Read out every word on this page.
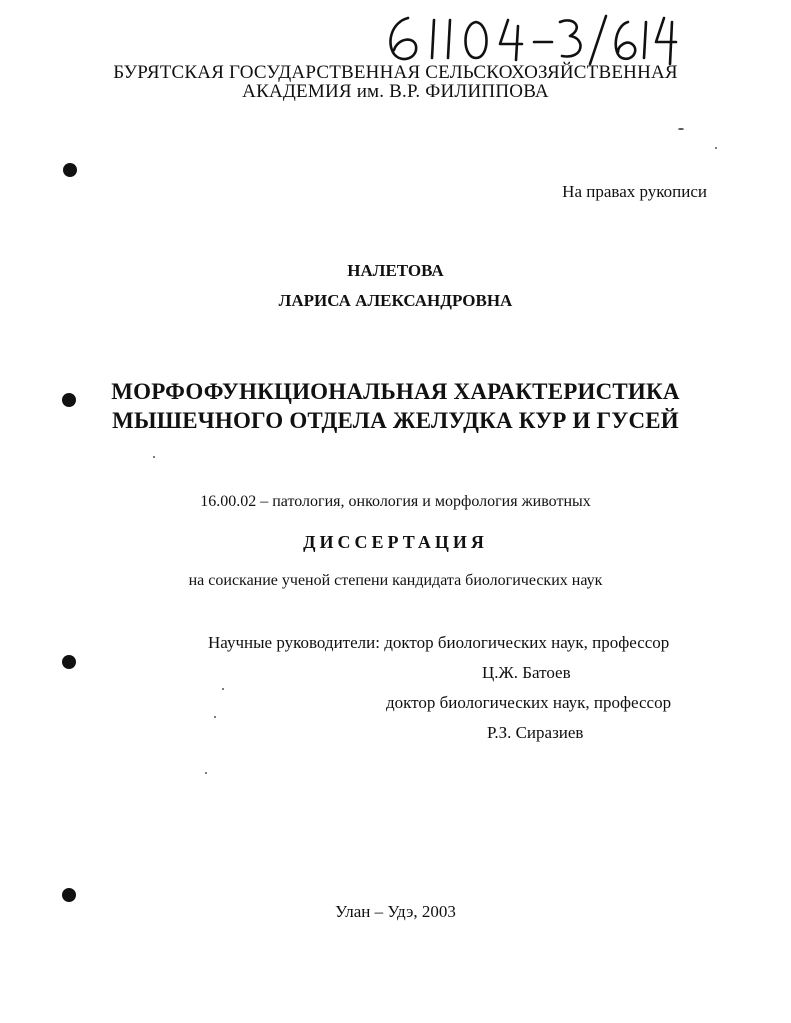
БУРЯТСКАЯ ГОСУДАРСТВЕННАЯ СЕЛЬСКОХОЗЯЙСТВЕННАЯ
АКАДЕМИЯ им. В.Р. ФИЛИППОВА
На правах рукописи
НАЛЕТОВА
ЛАРИСА АЛЕКСАНДРОВНА
МОРФОФУНКЦИОНАЛЬНАЯ ХАРАКТЕРИСТИКА
МЫШЕЧНОГО ОТДЕЛА ЖЕЛУДКА КУР И ГУСЕЙ
16.00.02 – патология, онкология и морфология животных
ДИССЕРТАЦИЯ
на соискание ученой степени кандидата биологических наук
Научные руководители: доктор биологических наук, профессор
Ц.Ж. Батоев
доктор биологических наук, профессор
Р.З. Сиразиев
Улан – Удэ, 2003
